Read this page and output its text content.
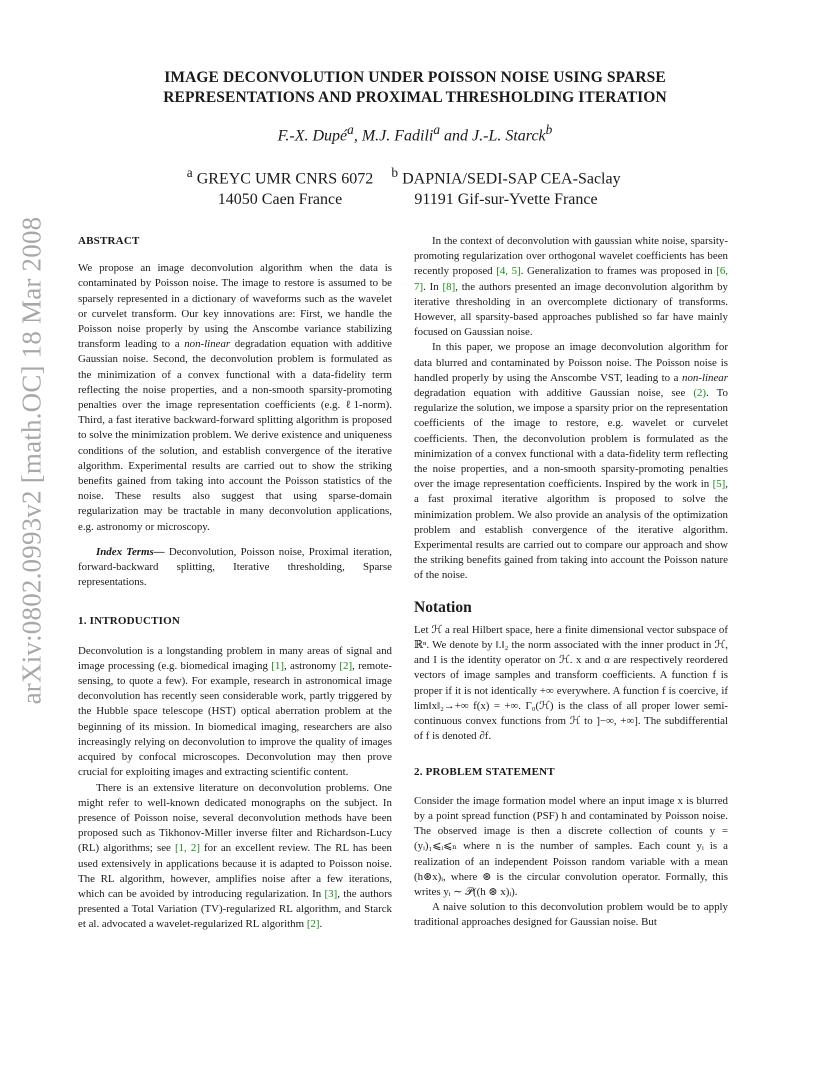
arXiv:0802.0993v2 [math.OC] 18 Mar 2008
IMAGE DECONVOLUTION UNDER POISSON NOISE USING SPARSE
REPRESENTATIONS AND PROXIMAL THRESHOLDING ITERATION
F.-X. Dupé$^a$, M.J. Fadili$^a$ and J.-L. Starck$^b$
$^a$ GREYC UMR CNRS 6072
14050 Caen France
$^b$ DAPNIA/SEDI-SAP CEA-Saclay
91191 Gif-sur-Yvette France

ABSTRACT

We propose an image deconvolution algorithm when the data is contaminated by Poisson noise. The image to restore is assumed to be sparsely represented in a dictionary of waveforms such as the wavelet or curvelet transform. Our key innovations are: First, we handle the Poisson noise properly by using the Anscombe variance stabilizing transform leading to a non-linear degradation equation with additive Gaussian noise. Second, the deconvolution problem is formulated as the minimization of a convex functional with a data-fidelity term reflecting the noise properties, and a non-smooth sparsity-promoting penalties over the image representation coefficients (e.g. ℓ1-norm). Third, a fast iterative backward-forward splitting algorithm is proposed to solve the minimization problem. We derive existence and uniqueness conditions of the solution, and establish convergence of the iterative algorithm. Experimental results are carried out to show the striking benefits gained from taking into account the Poisson statistics of the noise. These results also suggest that using sparse-domain regularization may be tractable in many deconvolution applications, e.g. astronomy or microscopy.

Index Terms— Deconvolution, Poisson noise, Proximal iteration, forward-backward splitting, Iterative thresholding, Sparse representations.

1. INTRODUCTION

Deconvolution is a longstanding problem in many areas of signal and image processing (e.g. biomedical imaging [1], astronomy [2], remote-sensing, to quote a few). For example, research in astronomical image deconvolution has recently seen considerable work, partly triggered by the Hubble space telescope (HST) optical aberration problem at the beginning of its mission. In biomedical imaging, researchers are also increasingly relying on deconvolution to improve the quality of images acquired by confocal microscopes. Deconvolution may then prove crucial for exploiting images and extracting scientific content.

There is an extensive literature on deconvolution problems. One might refer to well-known dedicated monographs on the subject. In presence of Poisson noise, several deconvolution methods have been proposed such as Tikhonov-Miller inverse filter and Richardson-Lucy (RL) algorithms; see [1, 2] for an excellent review. The RL has been used extensively in applications because it is adapted to Poisson noise. The RL algorithm, however, amplifies noise after a few iterations, which can be avoided by introducing regularization. In [3], the authors presented a Total Variation (TV)-regularized RL algorithm, and Starck et al. advocated a wavelet-regularized RL algorithm [2].

In the context of deconvolution with gaussian white noise, sparsity-promoting regularization over orthogonal wavelet coefficients has been recently proposed [4, 5]. Generalization to frames was proposed in [6, 7]. In [8], the authors presented an image deconvolution algorithm by iterative thresholding in an overcomplete dictionary of transforms. However, all sparsity-based approaches published so far have mainly focused on Gaussian noise.

In this paper, we propose an image deconvolution algorithm for data blurred and contaminated by Poisson noise. The Poisson noise is handled properly by using the Anscombe VST, leading to a non-linear degradation equation with additive Gaussian noise, see (2). To regularize the solution, we impose a sparsity prior on the representation coefficients of the image to restore, e.g. wavelet or curvelet coefficients. Then, the deconvolution problem is formulated as the minimization of a convex functional with a data-fidelity term reflecting the noise properties, and a non-smooth sparsity-promoting penalties over the image representation coefficients. Inspired by the work in [5], a fast proximal iterative algorithm is proposed to solve the minimization problem. We also provide an analysis of the optimization problem and establish convergence of the iterative algorithm. Experimental results are carried out to compare our approach and show the striking benefits gained from taking into account the Poisson nature of the noise.

Notation

Let ℋ a real Hilbert space, here a finite dimensional vector subspace of ℝⁿ. We denote by ‖.‖₂ the norm associated with the inner product in ℋ, and I is the identity operator on ℋ. x and α are respectively reordered vectors of image samples and transform coefficients. A function f is proper if it is not identically +∞ everywhere. A function f is coercive, if lim‖x‖₂→+∞ f(x) = +∞. Γ₀(ℋ) is the class of all proper lower semi-continuous convex functions from ℋ to ]−∞, +∞]. The subdifferential of f is denoted ∂f.

2. PROBLEM STATEMENT

Consider the image formation model where an input image x is blurred by a point spread function (PSF) h and contaminated by Poisson noise. The observed image is then a discrete collection of counts y = (yᵢ)₁⩽ᵢ⩽ₙ where n is the number of samples. Each count yᵢ is a realization of an independent Poisson random variable with a mean (h⊛x)ᵢ, where ⊛ is the circular convolution operator. Formally, this writes yᵢ ∼ 𝒫((h ⊛ x)ᵢ).

A naive solution to this deconvolution problem would be to apply traditional approaches designed for Gaussian noise. But
